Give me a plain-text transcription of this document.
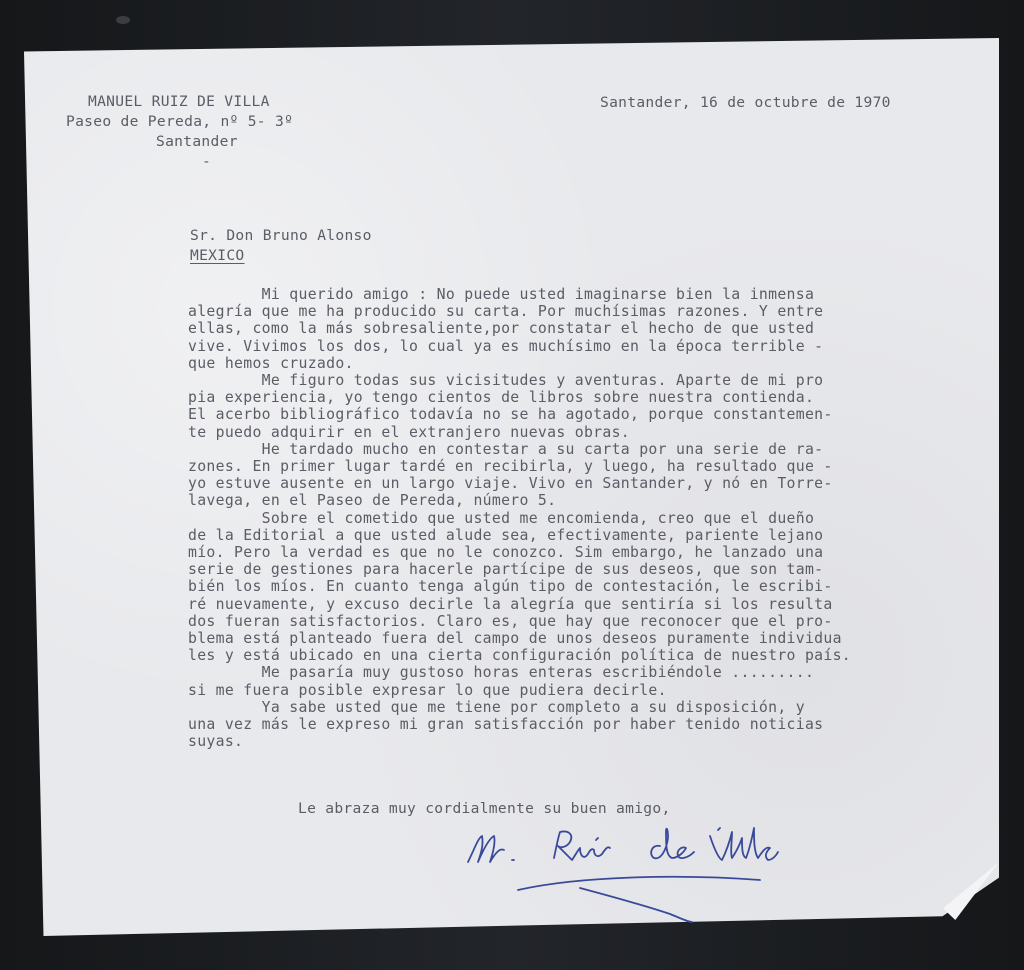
MANUEL RUIZ DE VILLA
Paseo de Pereda, nº 5- 3º
Santander
-
Santander, 16 de octubre de 1970
Sr. Don Bruno Alonso
MEXICO
Mi querido amigo : No puede usted imaginarse bien la inmensa
alegría que me ha producido su carta. Por muchísimas razones. Y entre
ellas, como la más sobresaliente,por constatar el hecho de que usted
vive. Vivimos los dos, lo cual ya es muchísimo en la época terrible -
que hemos cruzado.
Me figuro todas sus vicisitudes y aventuras. Aparte de mi pro
pia experiencia, yo tengo cientos de libros sobre nuestra contienda.
El acerbo bibliográfico todavía no se ha agotado, porque constantemen-
te puedo adquirir en el extranjero nuevas obras.
He tardado mucho en contestar a su carta por una serie de ra-
zones. En primer lugar tardé en recibirla, y luego, ha resultado que -
yo estuve ausente en un largo viaje. Vivo en Santander, y nó en Torre-
lavega, en el Paseo de Pereda, número 5.
Sobre el cometido que usted me encomienda, creo que el dueño
de la Editorial a que usted alude sea, efectivamente, pariente lejano
mío. Pero la verdad es que no le conozco. Sim embargo, he lanzado una
serie de gestiones para hacerle partícipe de sus deseos, que son tam-
bién los míos. En cuanto tenga algún tipo de contestación, le escribi-
ré nuevamente, y excuso decirle la alegría que sentiría si los resulta
dos fueran satisfactorios. Claro es, que hay que reconocer que el pro-
blema está planteado fuera del campo de unos deseos puramente individua
les y está ubicado en una cierta configuración política de nuestro país.
Me pasaría muy gustoso horas enteras escribiéndole .........
si me fuera posible expresar lo que pudiera decirle.
Ya sabe usted que me tiene por completo a su disposición, y
una vez más le expreso mi gran satisfacción por haber tenido noticias
suyas.
Le abraza muy cordialmente su buen amigo,
